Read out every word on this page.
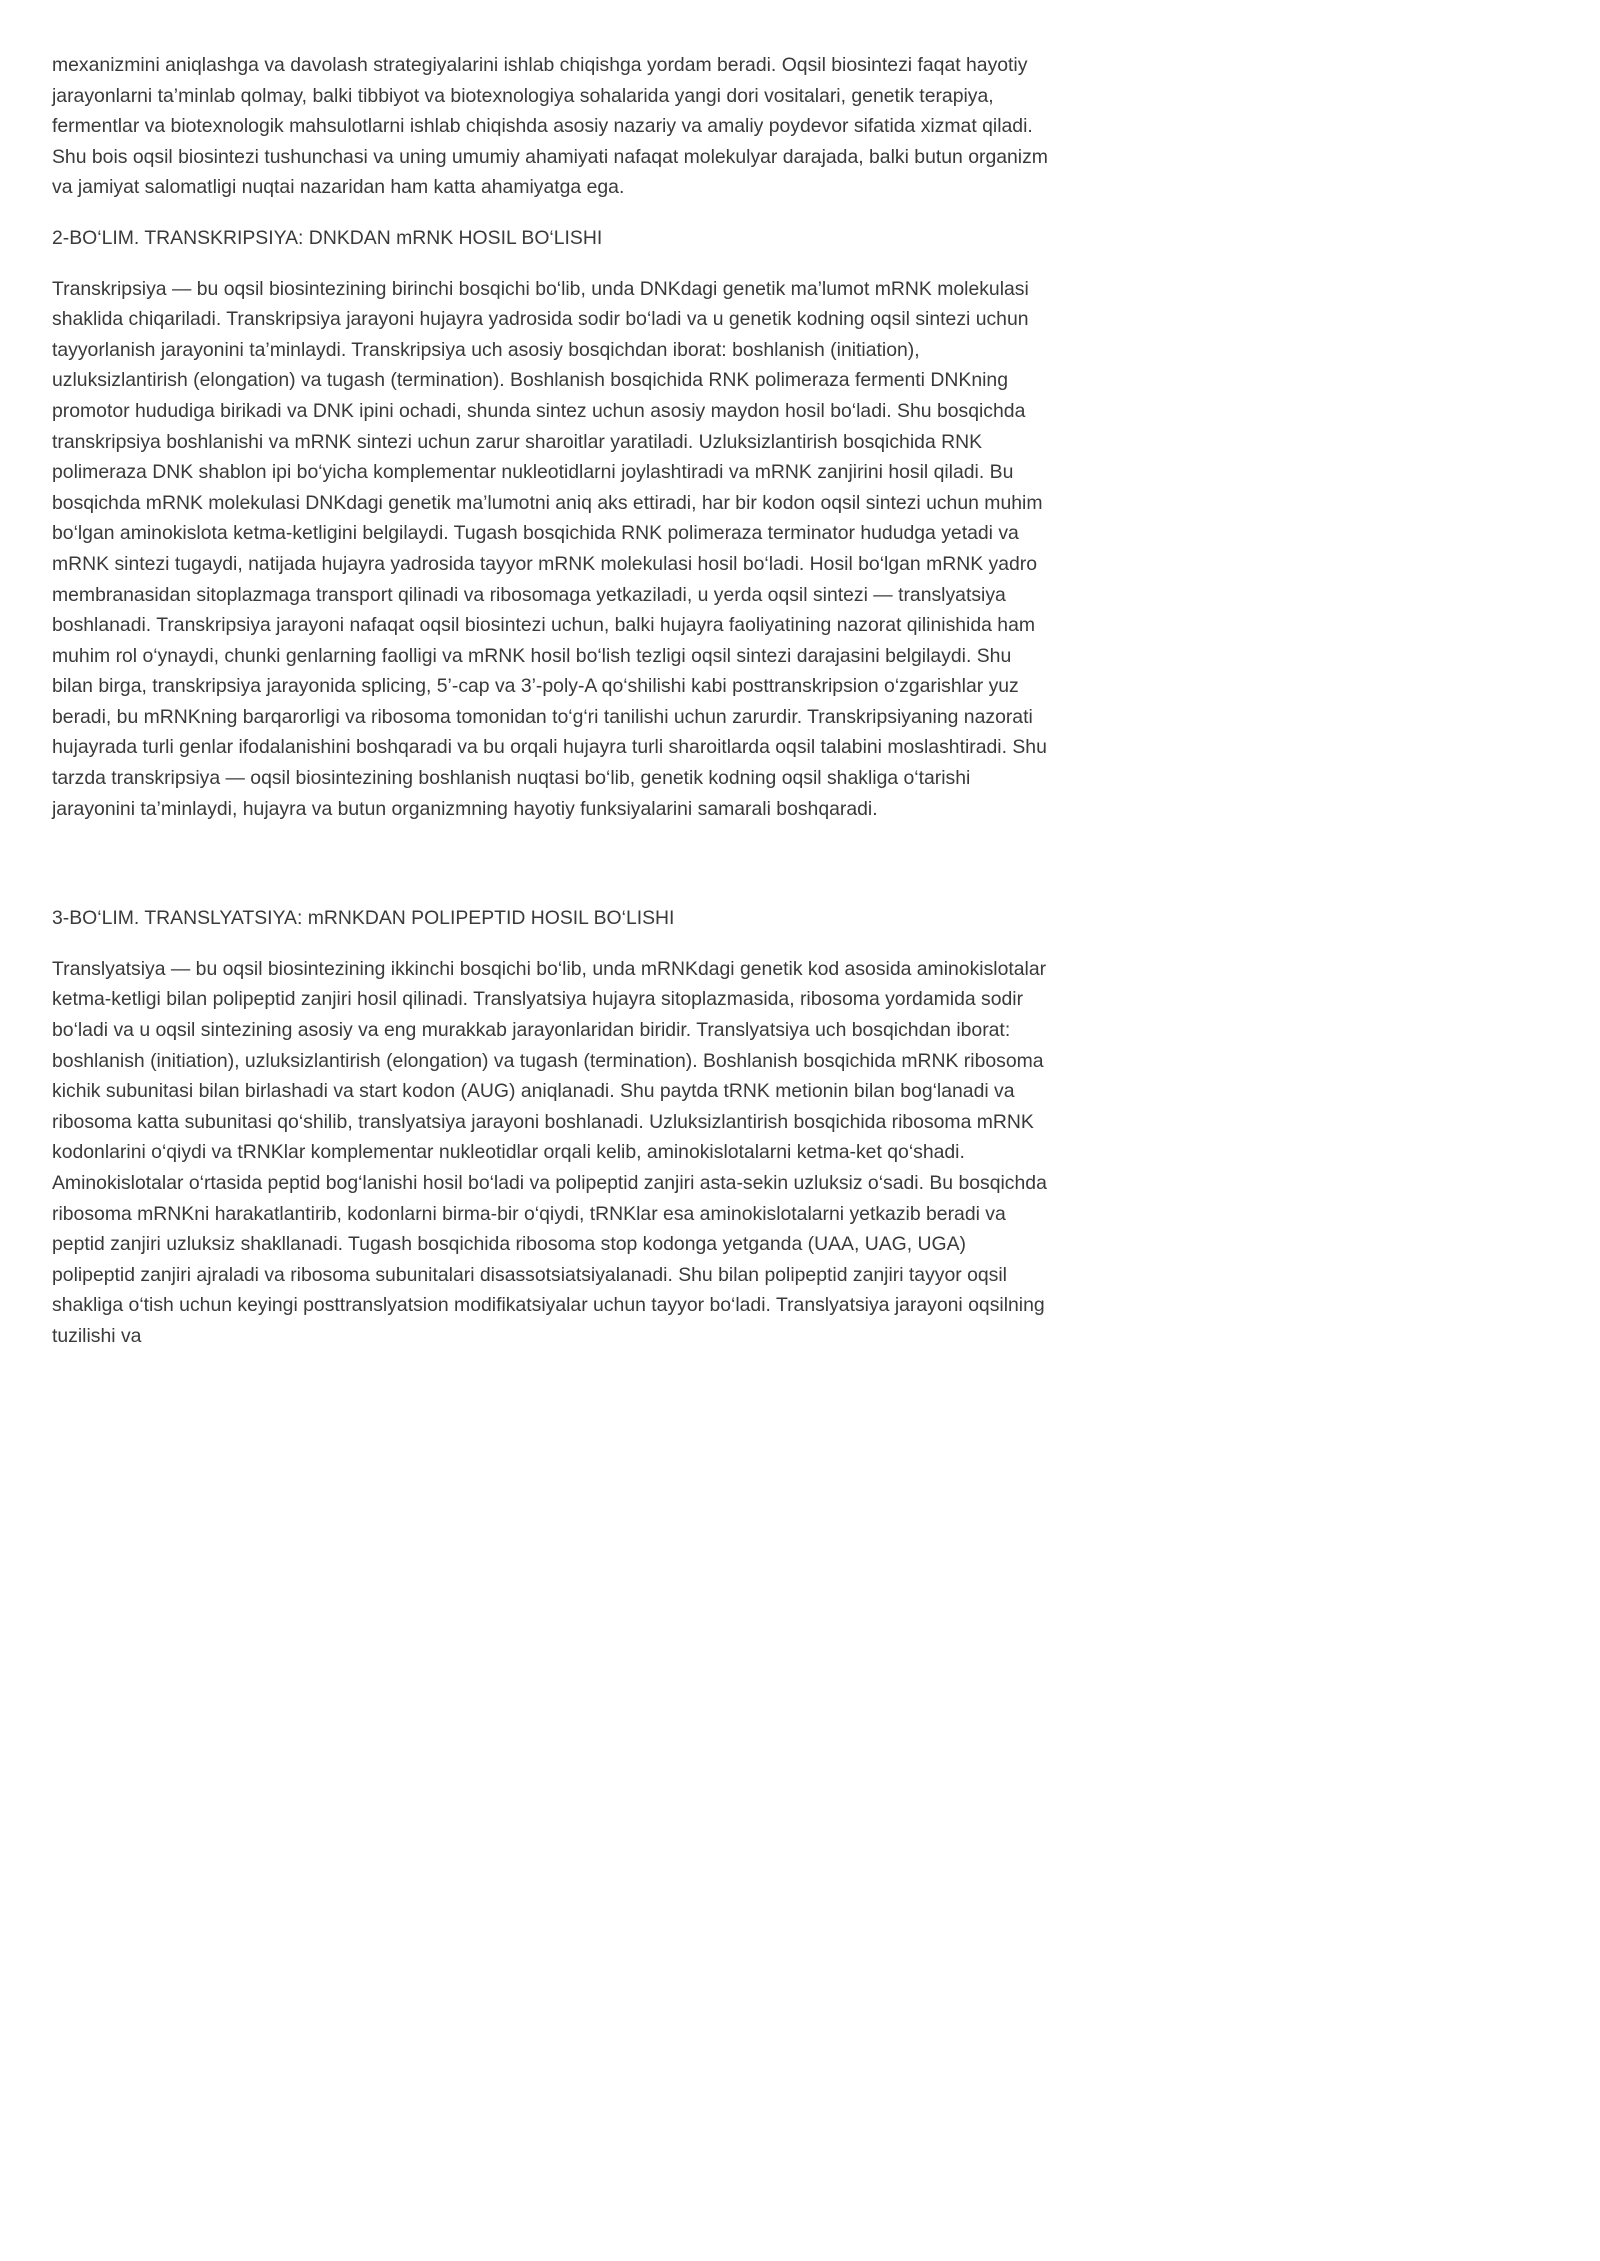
mexanizmini aniqlashga va davolash strategiyalarini ishlab chiqishga yordam beradi. Oqsil biosintezi faqat hayotiy jarayonlarni ta’minlab qolmay, balki tibbiyot va biotexnologiya sohalarida yangi dori vositalari, genetik terapiya, fermentlar va biotexnologik mahsulotlarni ishlab chiqishda asosiy nazariy va amaliy poydevor sifatida xizmat qiladi. Shu bois oqsil biosintezi tushunchasi va uning umumiy ahamiyati nafaqat molekulyar darajada, balki butun organizm va jamiyat salomatligi nuqtai nazaridan ham katta ahamiyatga ega.

2-BO‘LIM. TRANSKRIPSIYA: DNKDAN mRNK HOSIL BO‘LISHI

Transkripsiya — bu oqsil biosintezining birinchi bosqichi bo‘lib, unda DNKdagi genetik ma’lumot mRNK molekulasi shaklida chiqariladi. Transkripsiya jarayoni hujayra yadrosida sodir bo‘ladi va u genetik kodning oqsil sintezi uchun tayyorlanish jarayonini ta’minlaydi. Transkripsiya uch asosiy bosqichdan iborat: boshlanish (initiation), uzluksizlantirish (elongation) va tugash (termination). Boshlanish bosqichida RNK polimeraza fermenti DNKning promotor hududiga birikadi va DNK ipini ochadi, shunda sintez uchun asosiy maydon hosil bo‘ladi. Shu bosqichda transkripsiya boshlanishi va mRNK sintezi uchun zarur sharoitlar yaratiladi. Uzluksizlantirish bosqichida RNK polimeraza DNK shablon ipi bo‘yicha komplementar nukleotidlarni joylashtiradi va mRNK zanjirini hosil qiladi. Bu bosqichda mRNK molekulasi DNKdagi genetik ma’lumotni aniq aks ettiradi, har bir kodon oqsil sintezi uchun muhim bo‘lgan aminokislota ketma-ketligini belgilaydi. Tugash bosqichida RNK polimeraza terminator hududga yetadi va mRNK sintezi tugaydi, natijada hujayra yadrosida tayyor mRNK molekulasi hosil bo‘ladi. Hosil bo‘lgan mRNK yadro membranasidan sitoplazmaga transport qilinadi va ribosomaga yetkaziladi, u yerda oqsil sintezi — translyatsiya boshlanadi. Transkripsiya jarayoni nafaqat oqsil biosintezi uchun, balki hujayra faoliyatining nazorat qilinishida ham muhim rol o‘ynaydi, chunki genlarning faolligi va mRNK hosil bo‘lish tezligi oqsil sintezi darajasini belgilaydi. Shu bilan birga, transkripsiya jarayonida splicing, 5’-cap va 3’-poly-A qo‘shilishi kabi posttranskripsion o‘zgarishlar yuz beradi, bu mRNKning barqarorligi va ribosoma tomonidan to‘g‘ri tanilishi uchun zarurdir. Transkripsiyaning nazorati hujayrada turli genlar ifodalanishini boshqaradi va bu orqali hujayra turli sharoitlarda oqsil talabini moslashtiradi. Shu tarzda transkripsiya — oqsil biosintezining boshlanish nuqtasi bo‘lib, genetik kodning oqsil shakliga o‘tarishi jarayonini ta’minlaydi, hujayra va butun organizmning hayotiy funksiyalarini samarali boshqaradi.

3-BO‘LIM. TRANSLYATSIYA: mRNKDAN POLIPEPTID HOSIL BO‘LISHI

Translyatsiya — bu oqsil biosintezining ikkinchi bosqichi bo‘lib, unda mRNKdagi genetik kod asosida aminokislotalar ketma-ketligi bilan polipeptid zanjiri hosil qilinadi. Translyatsiya hujayra sitoplazmasida, ribosoma yordamida sodir bo‘ladi va u oqsil sintezining asosiy va eng murakkab jarayonlaridan biridir. Translyatsiya uch bosqichdan iborat: boshlanish (initiation), uzluksizlantirish (elongation) va tugash (termination). Boshlanish bosqichida mRNK ribosoma kichik subunitasi bilan birlashadi va start kodon (AUG) aniqlanadi. Shu paytda tRNK metionin bilan bog‘lanadi va ribosoma katta subunitasi qo‘shilib, translyatsiya jarayoni boshlanadi. Uzluksizlantirish bosqichida ribosoma mRNK kodonlarini o‘qiydi va tRNKlar komplementar nukleotidlar orqali kelib, aminokislotalarni ketma-ket qo‘shadi. Aminokislotalar o‘rtasida peptid bog‘lanishi hosil bo‘ladi va polipeptid zanjiri asta-sekin uzluksiz o‘sadi. Bu bosqichda ribosoma mRNKni harakatlantirib, kodonlarni birma-bir o‘qiydi, tRNKlar esa aminokislotalarni yetkazib beradi va peptid zanjiri uzluksiz shakllanadi. Tugash bosqichida ribosoma stop kodonga yetganda (UAA, UAG, UGA) polipeptid zanjiri ajraladi va ribosoma subunitalari disassotsiatsiyalanadi. Shu bilan polipeptid zanjiri tayyor oqsil shakliga o‘tish uchun keyingi posttranslyatsion modifikatsiyalar uchun tayyor bo‘ladi. Translyatsiya jarayoni oqsilning tuzilishi va
